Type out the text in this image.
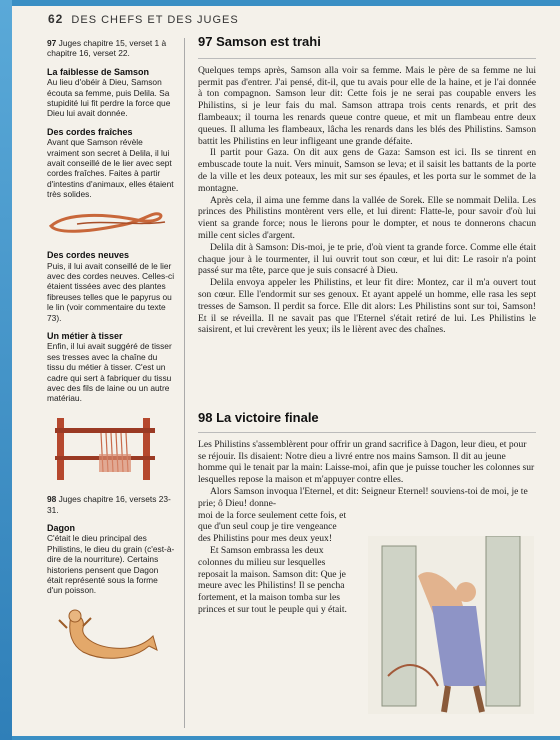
62 DES CHEFS ET DES JUGES
97 Juges chapitre 15, verset 1 à chapitre 16, verset 22.
La faiblesse de Samson

Au lieu d'obéir à Dieu, Samson écouta sa femme, puis Delila. Sa stupidité lui fit perdre la force que Dieu lui avait donnée.

Des cordes fraîches

Avant que Samson révèle vraiment son secret à Delila, il lui avait conseillé de le lier avec sept cordes fraîches. Faites à partir d'intestins d'animaux, elles étaient très solides.

Des cordes neuves

Puis, il lui avait conseillé de le lier avec des cordes neuves. Celles-ci étaient tissées avec des plantes fibreuses telles que le papyrus ou le lin (voir commentaire du texte 73).

Un métier à tisser

Enfin, il lui avait suggéré de tisser ses tresses avec la chaîne du tissu du métier à tisser. C'est un cadre qui sert à fabriquer du tissu avec des fils de laine ou un autre matériau.

98 Juges chapitre 16, versets 23-31.
Dagon

C'était le dieu principal des Philistins, le dieu du grain (c'est-à-dire de la nourriture). Certains historiens pensent que Dagon était représenté sous la forme d'un poisson.

97 Samson est trahi

Quelques temps après, Samson alla voir sa femme. Mais le père de sa femme ne lui permit pas d'entrer. J'ai pensé, dit-il, que tu avais pour elle de la haine, et je l'ai donnée à ton compagnon. Samson leur dit: Cette fois je ne serai pas coupable envers les Philistins, si je leur fais du mal. Samson attrapa trois cents renards, et prit des flambeaux; il tourna les renards queue contre queue, et mit un flambeau entre deux queues. Il alluma les flambeaux, lâcha les renards dans les blés des Philistins. Samson battit les Philistins en leur infligeant une grande défaite.

Il partit pour Gaza. On dit aux gens de Gaza: Samson est ici. Ils se tinrent en embuscade toute la nuit. Vers minuit, Samson se leva; et il saisit les battants de la porte de la ville et les deux poteaux, les mit sur ses épaules, et les porta sur le sommet de la montagne.

Après cela, il aima une femme dans la vallée de Sorek. Elle se nommait Delila. Les princes des Philistins montèrent vers elle, et lui dirent: Flatte-le, pour savoir d'où lui vient sa grande force; nous le lierons pour le dompter, et nous te donnerons chacun mille cent sicles d'argent.

Delila dit à Samson: Dis-moi, je te prie, d'où vient ta grande force. Comme elle était chaque jour à le tourmenter, il lui ouvrit tout son cœur, et lui dit: Le rasoir n'a point passé sur ma tête, parce que je suis consacré à Dieu.

Delila envoya appeler les Philistins, et leur fit dire: Montez, car il m'a ouvert tout son cœur. Elle l'endormit sur ses genoux. Et ayant appelé un homme, elle rasa les sept tresses de Samson. Il perdit sa force. Elle dit alors: Les Philistins sont sur toi, Samson! Et il se réveilla. Il ne savait pas que l'Eternel s'était retiré de lui. Les Philistins le saisirent, et lui crevèrent les yeux; ils le lièrent avec des chaînes.

98 La victoire finale

Les Philistins s'assemblèrent pour offrir un grand sacrifice à Dagon, leur dieu, et pour se réjouir. Ils disaient: Notre dieu a livré entre nos mains Samson. Il dit au jeune homme qui le tenait par la main: Laisse-moi, afin que je puisse toucher les colonnes sur lesquelles repose la maison et m'appuyer contre elles.

Alors Samson invoqua l'Eternel, et dit: Seigneur Eternel! souviens-toi de moi, je te prie; ô Dieu! donne-

moi de la force seulement cette fois, et que d'un seul coup je tire vengeance des Philistins pour mes deux yeux!

Et Samson embrassa les deux colonnes du milieu sur lesquelles reposait la maison. Samson dit: Que je meure avec les Philistins! Il se pencha fortement, et la maison tomba sur les princes et sur tout le peuple qui y était.
